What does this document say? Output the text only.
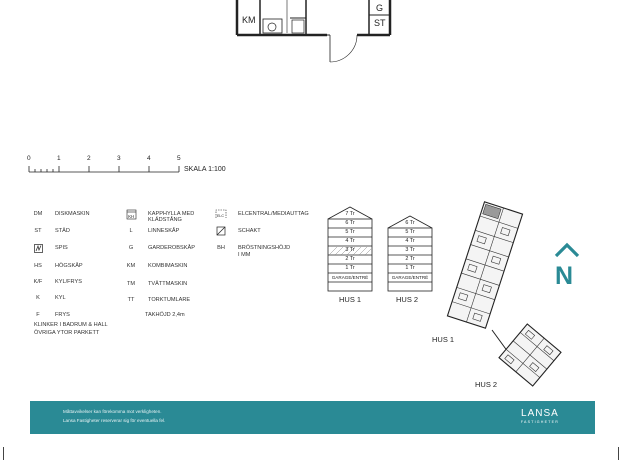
KM
G
ST
0	1	2	3	4	5
SKALA 1:100
DM	DISKMASKIN
ST	STÄD
SPIS
HS	HÖGSKÅP
K/F	KYL/FRYS
K	KYL
F	FRYS
KLINKER I BADRUM & HALL
ÖVRIGA YTOR PARKETT
KH	KAPPHYLLA MED
KLÄDSTÅNG
L	LINNESKÅP
G	GARDEROBSKÅP
KM	KOMBIMASKIN
TM	TVÄTTMASKIN
TT	TORKTUMLARE
TAKHÖJD 2,4m
ELC	ELCENTRAL/MEDIAUTTAG
SCHAKT
BH	BRÖSTNINGSHÖJD
I MM
7 Tr
6 Tr
5 Tr
4 Tr
3 Tr
2 Tr
1 Tr
GARAGE/ENTRÉ
HUS 1
6 Tr
5 Tr
4 Tr
3 Tr
2 Tr
1 Tr
GARAGE/ENTRÉ
HUS 2
HUS 1
HUS 2
N
Måttavvikelser kan förekomma mot verkligheten.
Lansa Fastigheter reserverar sig för eventuella fel.
LANSA
FASTIGHETER
